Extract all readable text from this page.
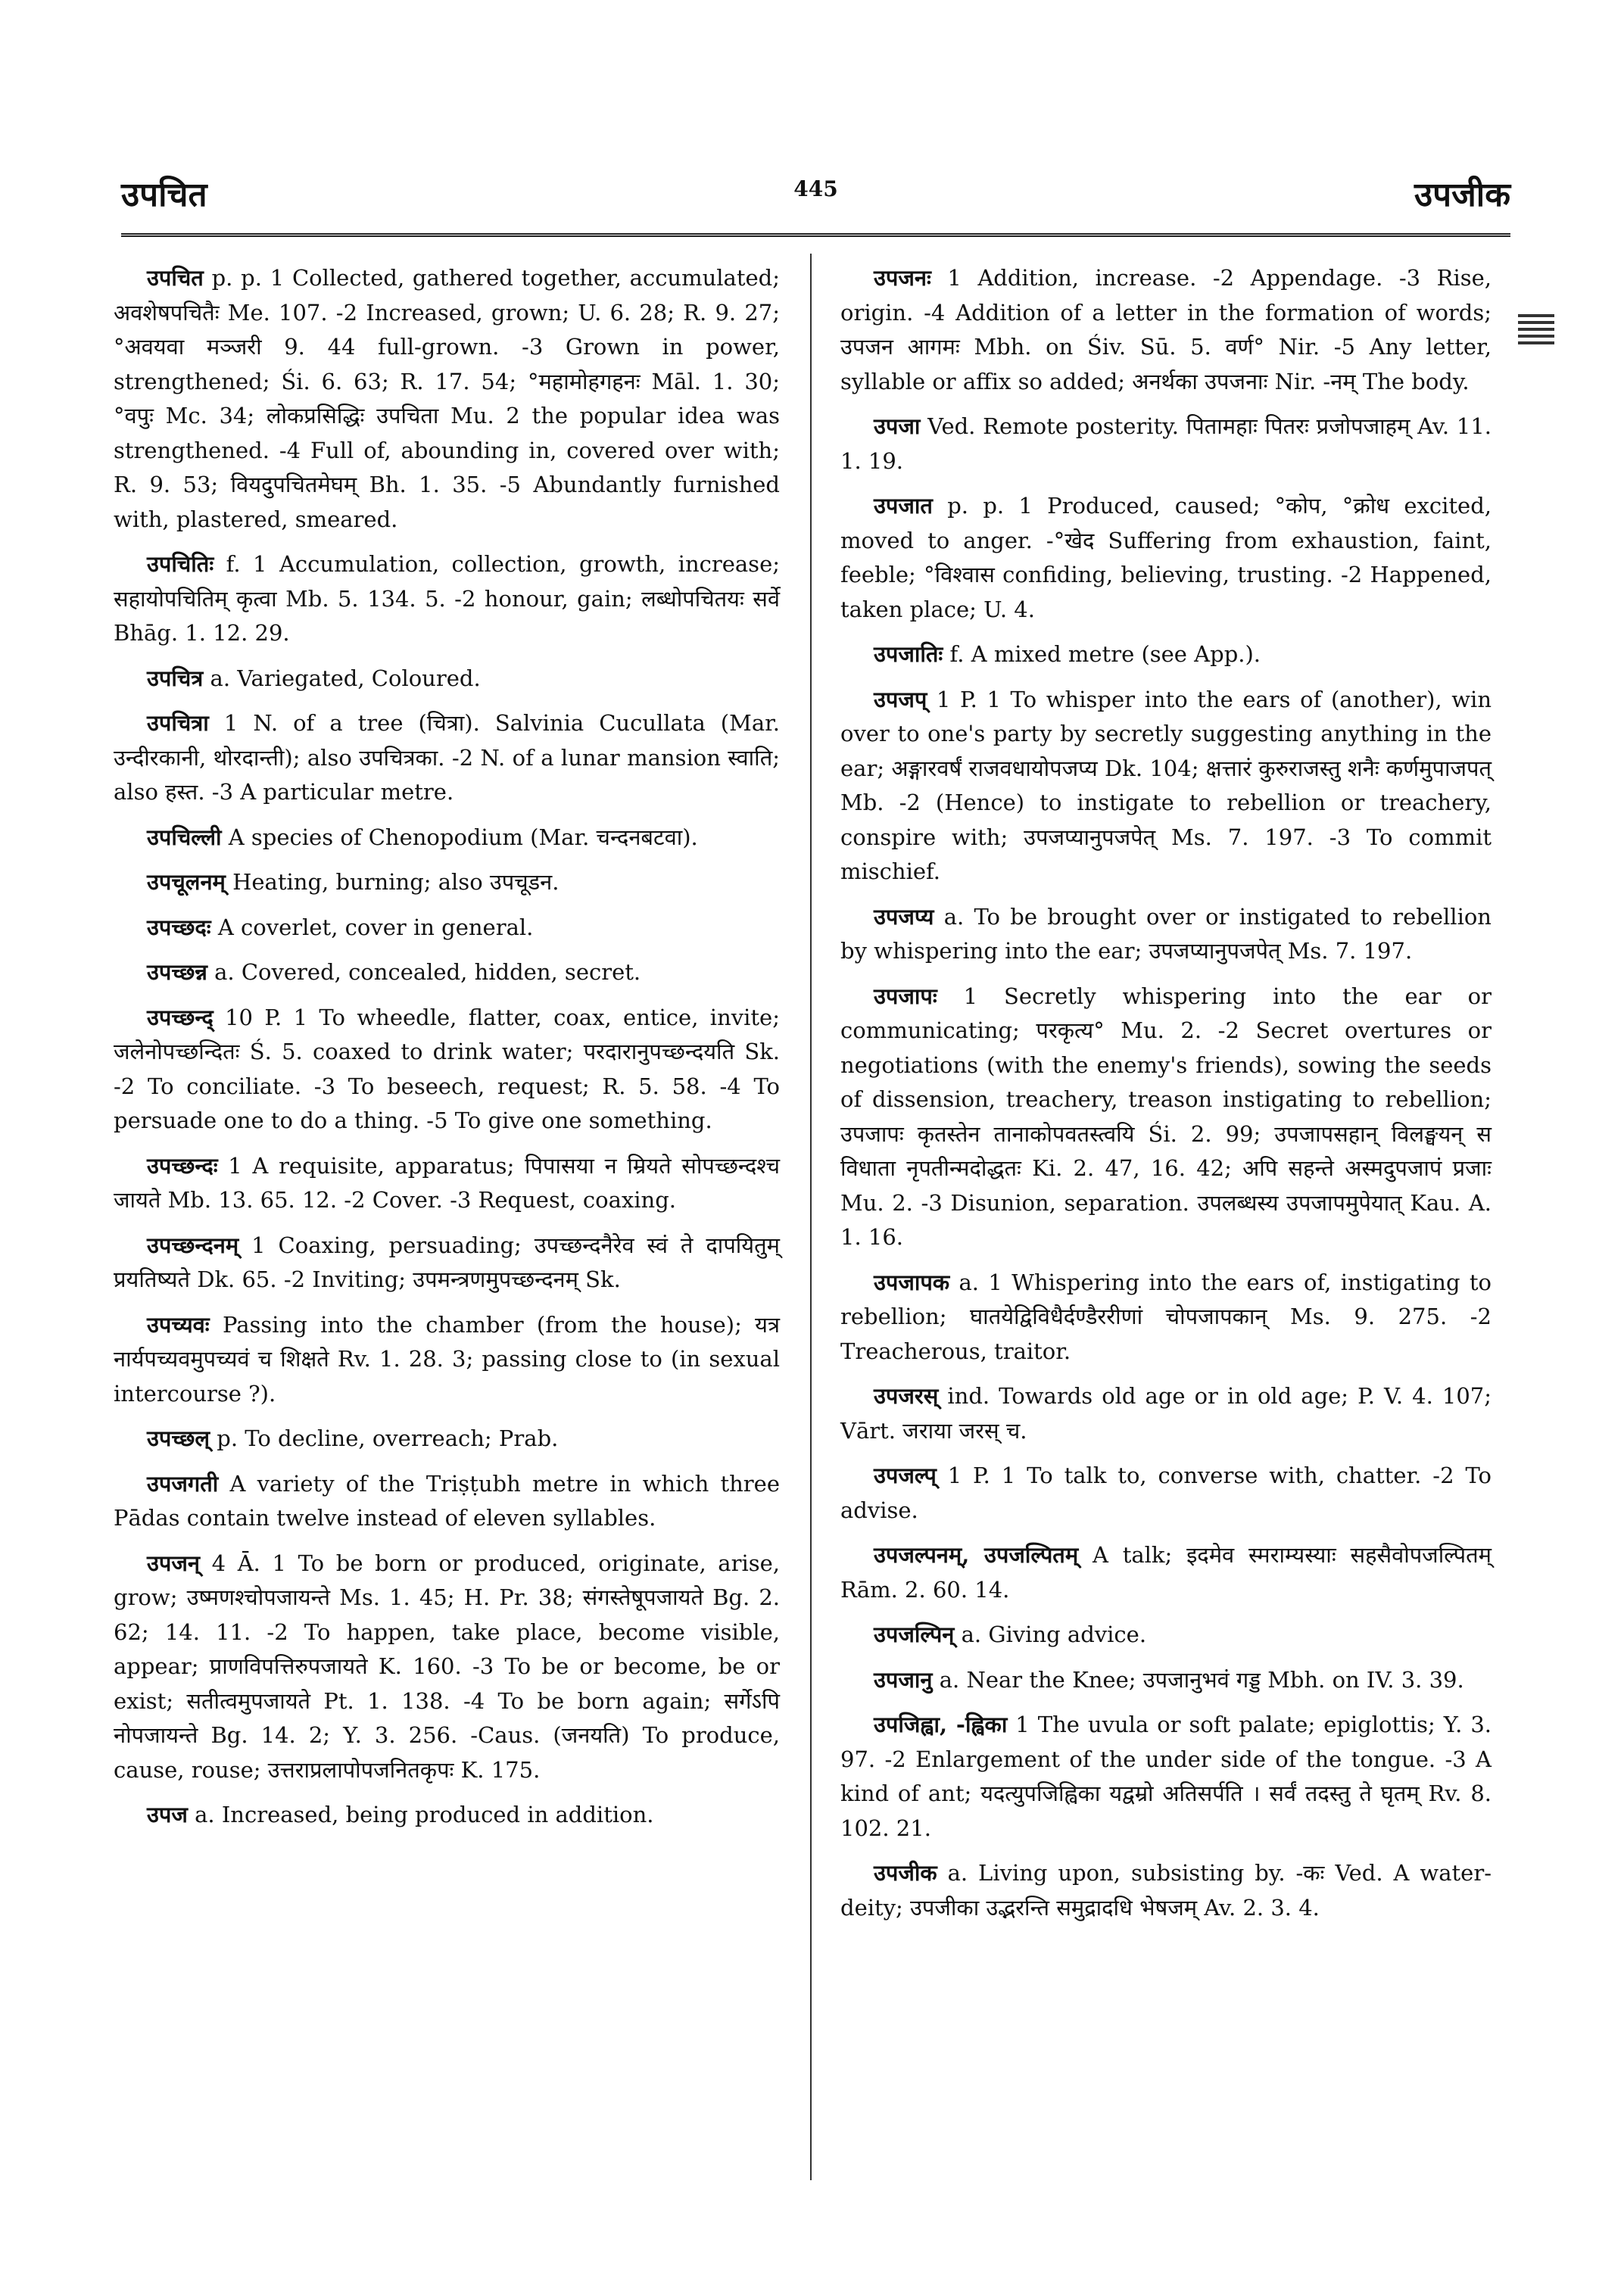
उपचित	445	उपजीक

उपचित p. p. 1 Collected, gathered together, accumulated; अवशेषपचितैः Me. 107. -2 Increased, grown; U. 6. 28; R. 9. 27; °अवयवा मञ्जरी 9. 44 full-grown. -3 Grown in power, strengthened; Śi. 6. 63; R. 17. 54; °महामोहगहनः Māl. 1. 30; °वपुः Mc. 34; लोकप्रसिद्धिः उपचिता Mu. 2 the popular idea was strengthened. -4 Full of, abounding in, covered over with; R. 9. 53; वियदुपचितमेघम् Bh. 1. 35. -5 Abundantly furnished with, plastered, smeared.

उपचितिः f. 1 Accumulation, collection, growth, increase; सहायोपचितिम् कृत्वा Mb. 5. 134. 5. -2 honour, gain; लब्धोपचितयः सर्वे Bhāg. 1. 12. 29.

उपचित्र a. Variegated, Coloured.

उपचित्रा 1 N. of a tree (चित्रा). Salvinia Cucullata (Mar. उन्दीरकानी, थोरदान्ती); also उपचित्रका. -2 N. of a lunar mansion स्वाति; also हस्त. -3 A particular metre.

उपचिल्ली A species of Chenopodium (Mar. चन्दनबटवा).

उपचूलनम् Heating, burning; also उपचूडन.

उपच्छदः A coverlet, cover in general.

उपच्छन्न a. Covered, concealed, hidden, secret.

उपच्छन्द् 10 P. 1 To wheedle, flatter, coax, entice, invite; जलेनोपच्छन्दितः Ś. 5. coaxed to drink water; परदारानुपच्छन्दयति Sk. -2 To conciliate. -3 To beseech, request; R. 5. 58. -4 To persuade one to do a thing. -5 To give one something.

उपच्छन्दः 1 A requisite, apparatus; पिपासया न म्रियते सोपच्छन्दश्च जायते Mb. 13. 65. 12. -2 Cover. -3 Request, coaxing.

उपच्छन्दनम् 1 Coaxing, persuading; उपच्छन्दनैरेव स्वं ते दापयितुम् प्रयतिष्यते Dk. 65. -2 Inviting; उपमन्त्रणमुपच्छन्दनम् Sk.

उपच्यवः Passing into the chamber (from the house); यत्र नार्यपच्यवमुपच्यवं च शिक्षते Rv. 1. 28. 3; passing close to (in sexual intercourse ?).

उपच्छल् p. To decline, overreach; Prab.

उपजगती A variety of the Triṣṭubh metre in which three Pādas contain twelve instead of eleven syllables.

उपजन् 4 Ā. 1 To be born or produced, originate, arise, grow; उष्मणश्चोपजायन्ते Ms. 1. 45; H. Pr. 38; संगस्तेषूपजायते Bg. 2. 62; 14. 11. -2 To happen, take place, become visible, appear; प्राणविपत्तिरुपजायते K. 160. -3 To be or become, be or exist; सतीत्वमुपजायते Pt. 1. 138. -4 To be born again; सर्गेऽपि नोपजायन्ते Bg. 14. 2; Y. 3. 256. -Caus. (जनयति) To produce, cause, rouse; उत्तराप्रलापोपजनितकृपः K. 175.

उपज a. Increased, being produced in addition.

उपजनः 1 Addition, increase. -2 Appendage. -3 Rise, origin. -4 Addition of a letter in the formation of words; उपजन आगमः Mbh. on Śiv. Sū. 5. वर्ण° Nir. -5 Any letter, syllable or affix so added; अनर्थका उपजनाः Nir. -नम् The body.

उपजा Ved. Remote posterity. पितामहाः पितरः प्रजोपजाहम् Av. 11. 1. 19.

उपजात p. p. 1 Produced, caused; °कोप, °क्रोध excited, moved to anger. -°खेद Suffering from exhaustion, faint, feeble; °विश्वास confiding, believing, trusting. -2 Happened, taken place; U. 4.

उपजातिः f. A mixed metre (see App.).

उपजप् 1 P. 1 To whisper into the ears of (another), win over to one's party by secretly suggesting anything in the ear; अङ्गारवर्षं राजवधायोपजप्य Dk. 104; क्षत्तारं कुरुराजस्तु शनैः कर्णमुपाजपत् Mb. -2 (Hence) to instigate to rebellion or treachery, conspire with; उपजप्यानुपजपेत् Ms. 7. 197. -3 To commit mischief.

उपजप्य a. To be brought over or instigated to rebellion by whispering into the ear; उपजप्यानुपजपेत् Ms. 7. 197.

उपजापः 1 Secretly whispering into the ear or communicating; परकृत्य° Mu. 2. -2 Secret overtures or negotiations (with the enemy's friends), sowing the seeds of dissension, treachery, treason instigating to rebellion; उपजापः कृतस्तेन तानाकोपवतस्त्वयि Śi. 2. 99; उपजापसहान् विलङ्घयन् स विधाता नृपतीन्मदोद्धतः Ki. 2. 47, 16. 42; अपि सहन्ते अस्मदुपजापं प्रजाः Mu. 2. -3 Disunion, separation. उपलब्धस्य उपजापमुपेयात् Kau. A. 1. 16.

उपजापक a. 1 Whispering into the ears of, instigating to rebellion; घातयेद्विविधैर्दण्डैररीणां चोपजापकान् Ms. 9. 275. -2 Treacherous, traitor.

उपजरस् ind. Towards old age or in old age; P. V. 4. 107; Vārt. जराया जरस् च.

उपजल्प् 1 P. 1 To talk to, converse with, chatter. -2 To advise.

उपजल्पनम्, उपजल्पितम् A talk; इदमेव स्मराम्यस्याः सहसैवोपजल्पितम् Rām. 2. 60. 14.

उपजल्पिन् a. Giving advice.

उपजानु a. Near the Knee; उपजानुभवं गड्ड Mbh. on IV. 3. 39.

उपजिह्वा, -ह्विका 1 The uvula or soft palate; epiglottis; Y. 3. 97. -2 Enlargement of the under side of the tongue. -3 A kind of ant; यदत्युपजिह्विका यद्वम्रो अतिसर्पति । सर्वं तदस्तु ते घृतम् Rv. 8. 102. 21.

उपजीक a. Living upon, subsisting by. -कः Ved. A water-deity; उपजीका उद्भरन्ति समुद्रादधि भेषजम् Av. 2. 3. 4.
